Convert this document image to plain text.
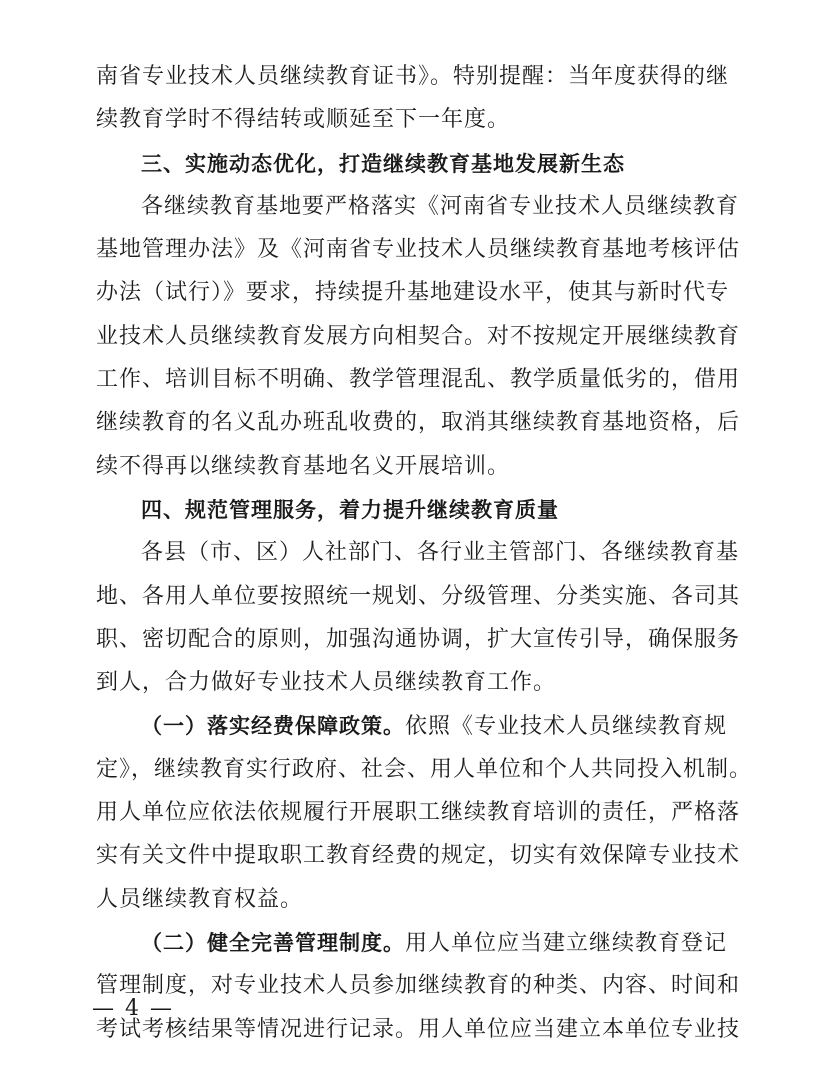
南省专业技术人员继续教育证书》。特别提醒：当年度获得的继
续教育学时不得结转或顺延至下一年度。
三、实施动态优化，打造继续教育基地发展新生态
各继续教育基地要严格落实《河南省专业技术人员继续教育
基地管理办法》及《河南省专业技术人员继续教育基地考核评估
办法（试行）》要求，持续提升基地建设水平，使其与新时代专
业技术人员继续教育发展方向相契合。对不按规定开展继续教育
工作、培训目标不明确、教学管理混乱、教学质量低劣的，借用
继续教育的名义乱办班乱收费的，取消其继续教育基地资格，后
续不得再以继续教育基地名义开展培训。
四、规范管理服务，着力提升继续教育质量
各县（市、区）人社部门、各行业主管部门、各继续教育基
地、各用人单位要按照统一规划、分级管理、分类实施、各司其
职、密切配合的原则，加强沟通协调，扩大宣传引导，确保服务
到人，合力做好专业技术人员继续教育工作。
（一）落实经费保障政策。依照《专业技术人员继续教育规
定》，继续教育实行政府、社会、用人单位和个人共同投入机制。
用人单位应依法依规履行开展职工继续教育培训的责任，严格落
实有关文件中提取职工教育经费的规定，切实有效保障专业技术
人员继续教育权益。
（二）健全完善管理制度。用人单位应当建立继续教育登记
管理制度，对专业技术人员参加继续教育的种类、内容、时间和
考试考核结果等情况进行记录。用人单位应当建立本单位专业技
— 4 —
